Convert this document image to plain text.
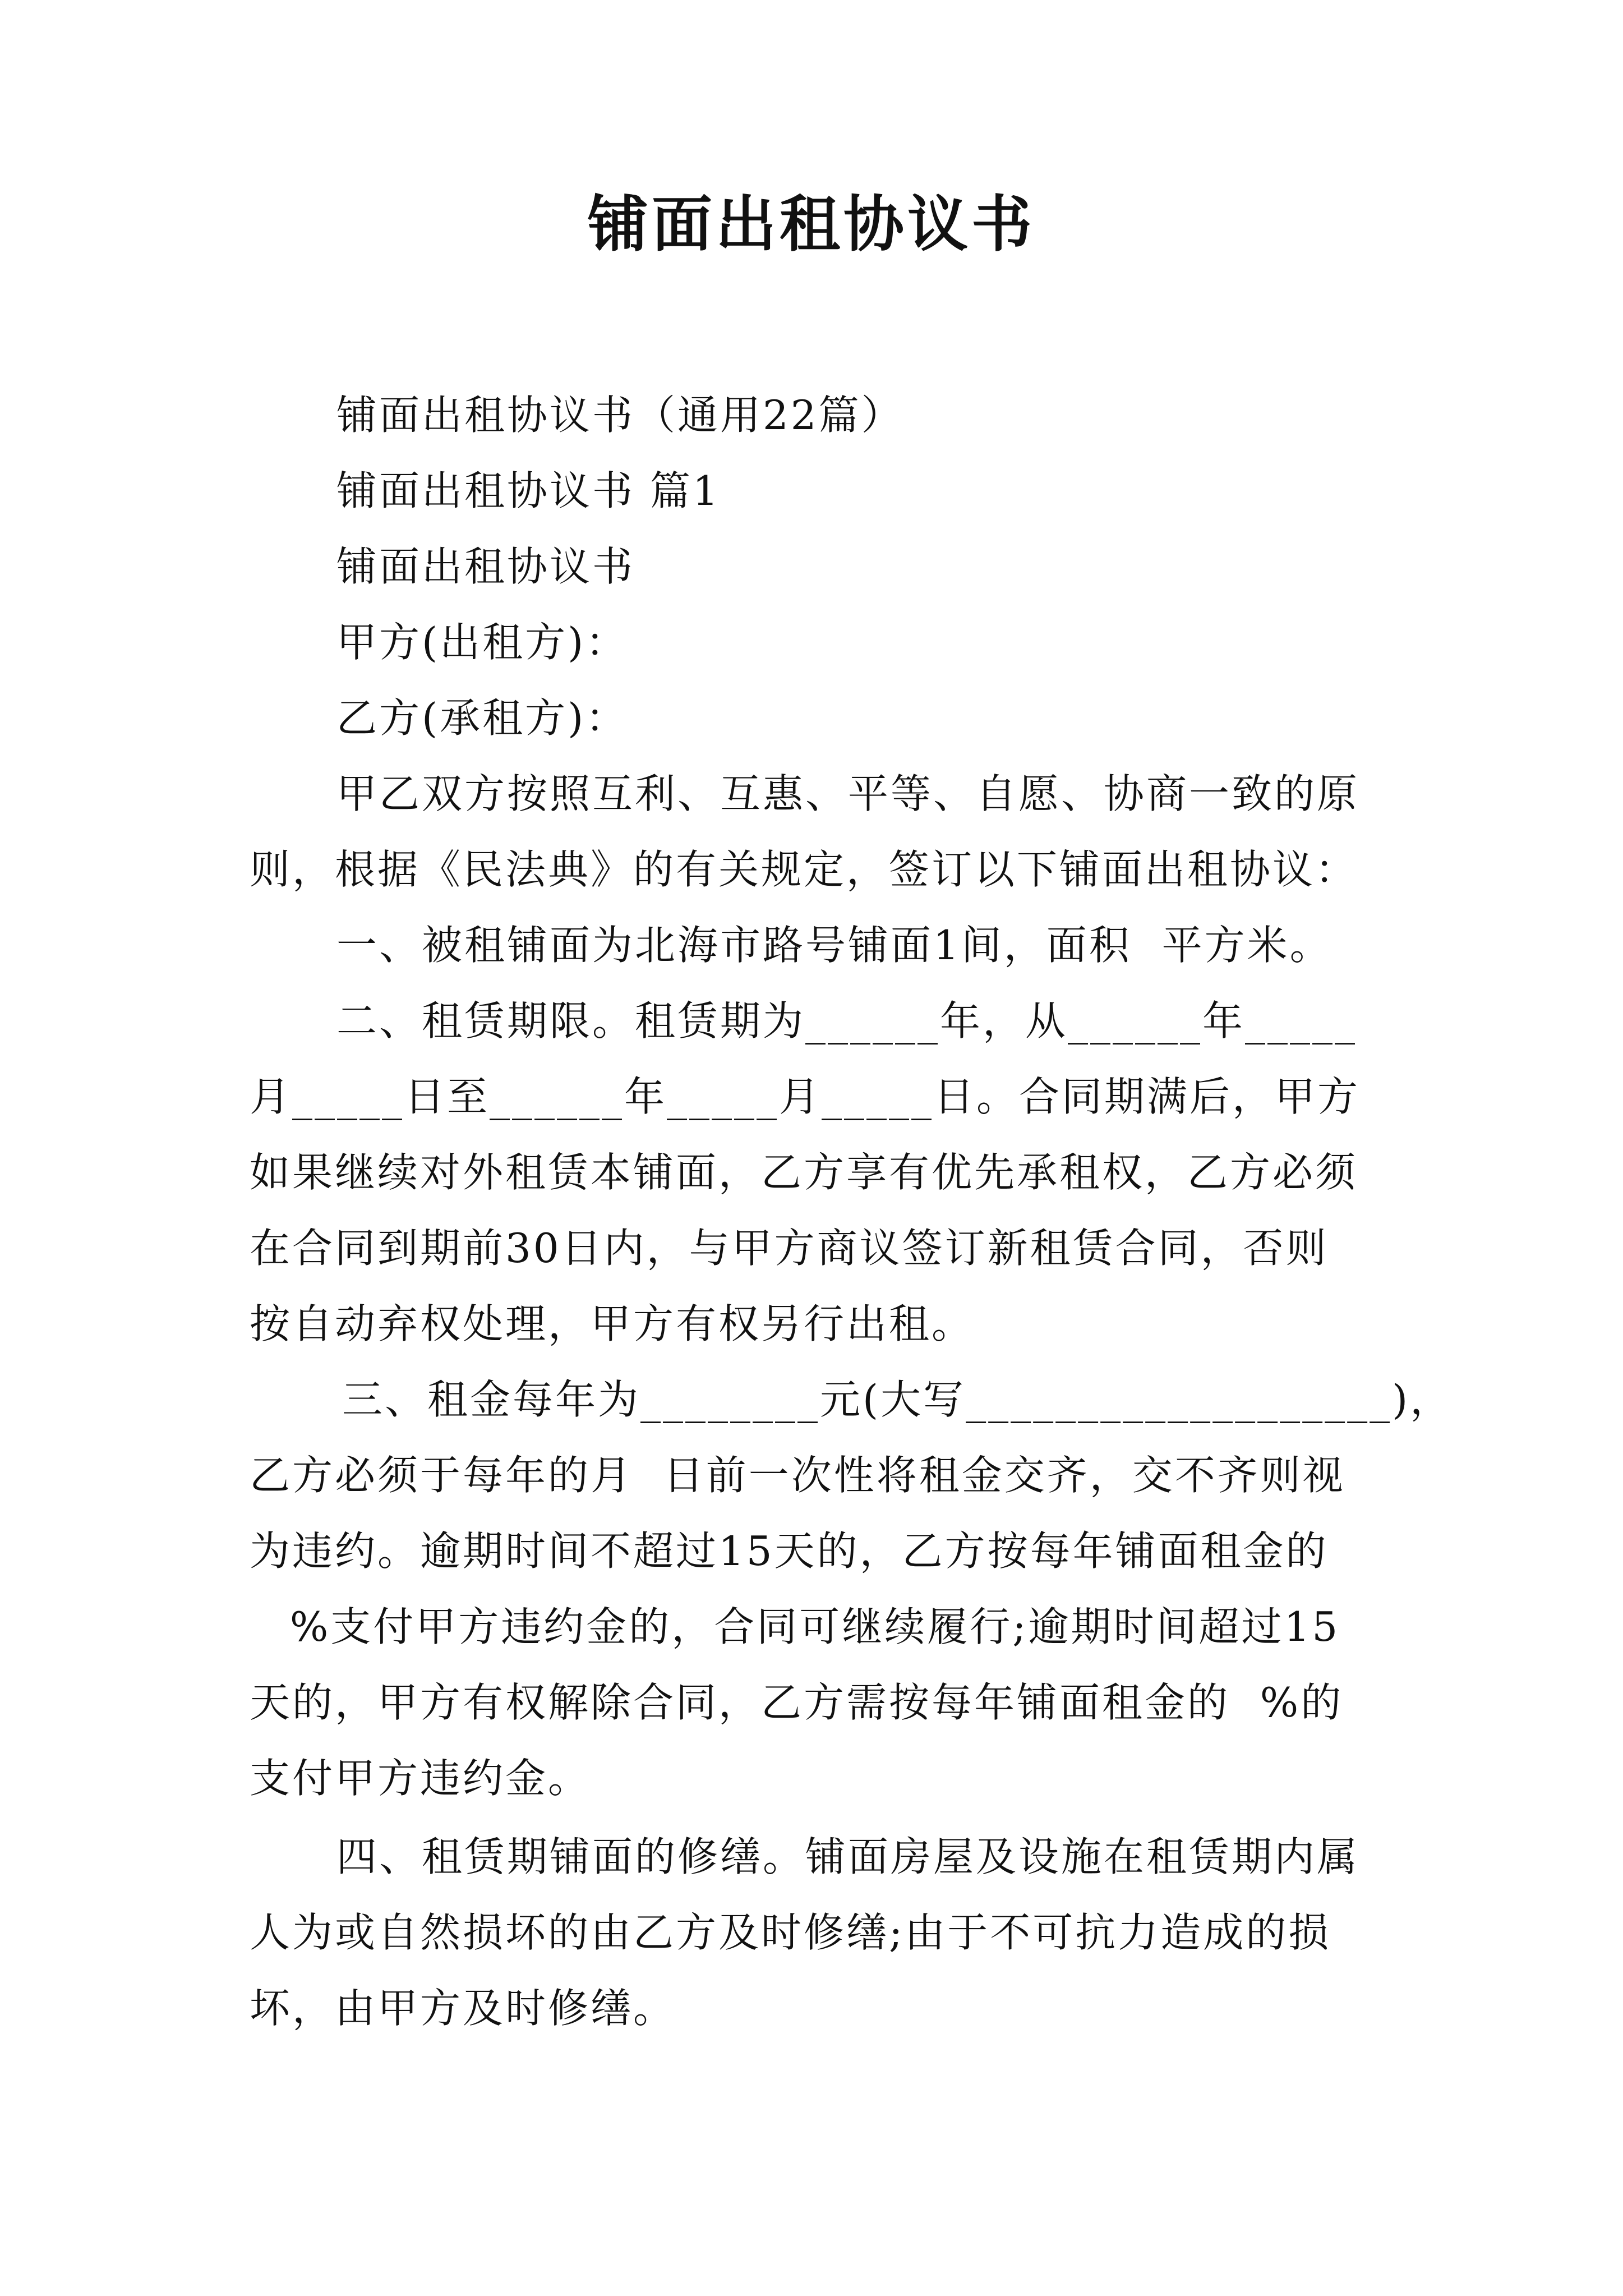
铺面出租协议书
铺面出租协议书（通用22篇）
铺面出租协议书 篇1
铺面出租协议书
甲方(出租方)：
乙方(承租方)：
甲乙双方按照互利、互惠、平等、自愿、协商一致的原
则，根据《民法典》的有关规定，签订以下铺面出租协议：
一、被租铺面为北海市路号铺面1间，面积  平方米。
二、租赁期限。租赁期为______年，从______年_____
月_____日至______年_____月_____日。合同期满后，甲方
如果继续对外租赁本铺面，乙方享有优先承租权，乙方必须
在合同到期前30日内，与甲方商议签订新租赁合同，否则
按自动弃权处理，甲方有权另行出租。
三、租金每年为________元(大写___________________)，
乙方必须于每年的月  日前一次性将租金交齐，交不齐则视
为违约。逾期时间不超过15天的，乙方按每年铺面租金的
%支付甲方违约金的，合同可继续履行;逾期时间超过15
天的，甲方有权解除合同，乙方需按每年铺面租金的  %的
支付甲方违约金。
四、租赁期铺面的修缮。铺面房屋及设施在租赁期内属
人为或自然损坏的由乙方及时修缮;由于不可抗力造成的损
坏，由甲方及时修缮。
